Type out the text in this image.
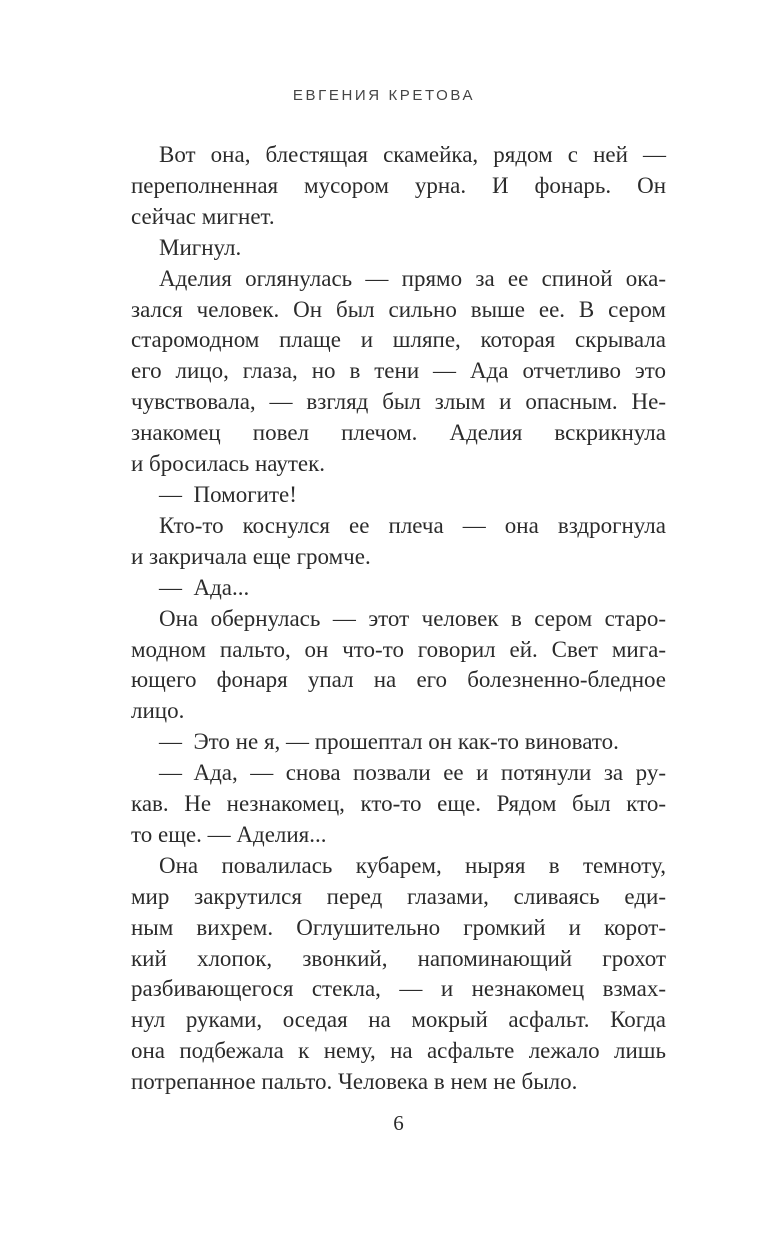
ЕВГЕНИЯ КРЕТОВА
Вот она, блестящая скамейка, рядом с ней —
переполненная мусором урна. И фонарь. Он
сейчас мигнет.
Мигнул.
Аделия оглянулась — прямо за ее спиной ока-
зался человек. Он был сильно выше ее. В сером
старомодном плаще и шляпе, которая скрывала
его лицо, глаза, но в тени — Ада отчетливо это
чувствовала, — взгляд был злым и опасным. Не-
знакомец повел плечом. Аделия вскрикнула
и бросилась наутек.
— Помогите!
Кто-то коснулся ее плеча — она вздрогнула
и закричала еще громче.
— Ада...
Она обернулась — этот человек в сером старо-
модном пальто, он что-то говорил ей. Свет мига-
ющего фонаря упал на его болезненно-бледное
лицо.
— Это не я, — прошептал он как-то виновато.
— Ада, — снова позвали ее и потянули за ру-
кав. Не незнакомец, кто-то еще. Рядом был кто-
то еще. — Аделия...
Она повалилась кубарем, ныряя в темноту,
мир закрутился перед глазами, сливаясь еди-
ным вихрем. Оглушительно громкий и корот-
кий хлопок, звонкий, напоминающий грохот
разбивающегося стекла, — и незнакомец взмах-
нул руками, оседая на мокрый асфальт. Когда
она подбежала к нему, на асфальте лежало лишь
потрепанное пальто. Человека в нем не было.
6
